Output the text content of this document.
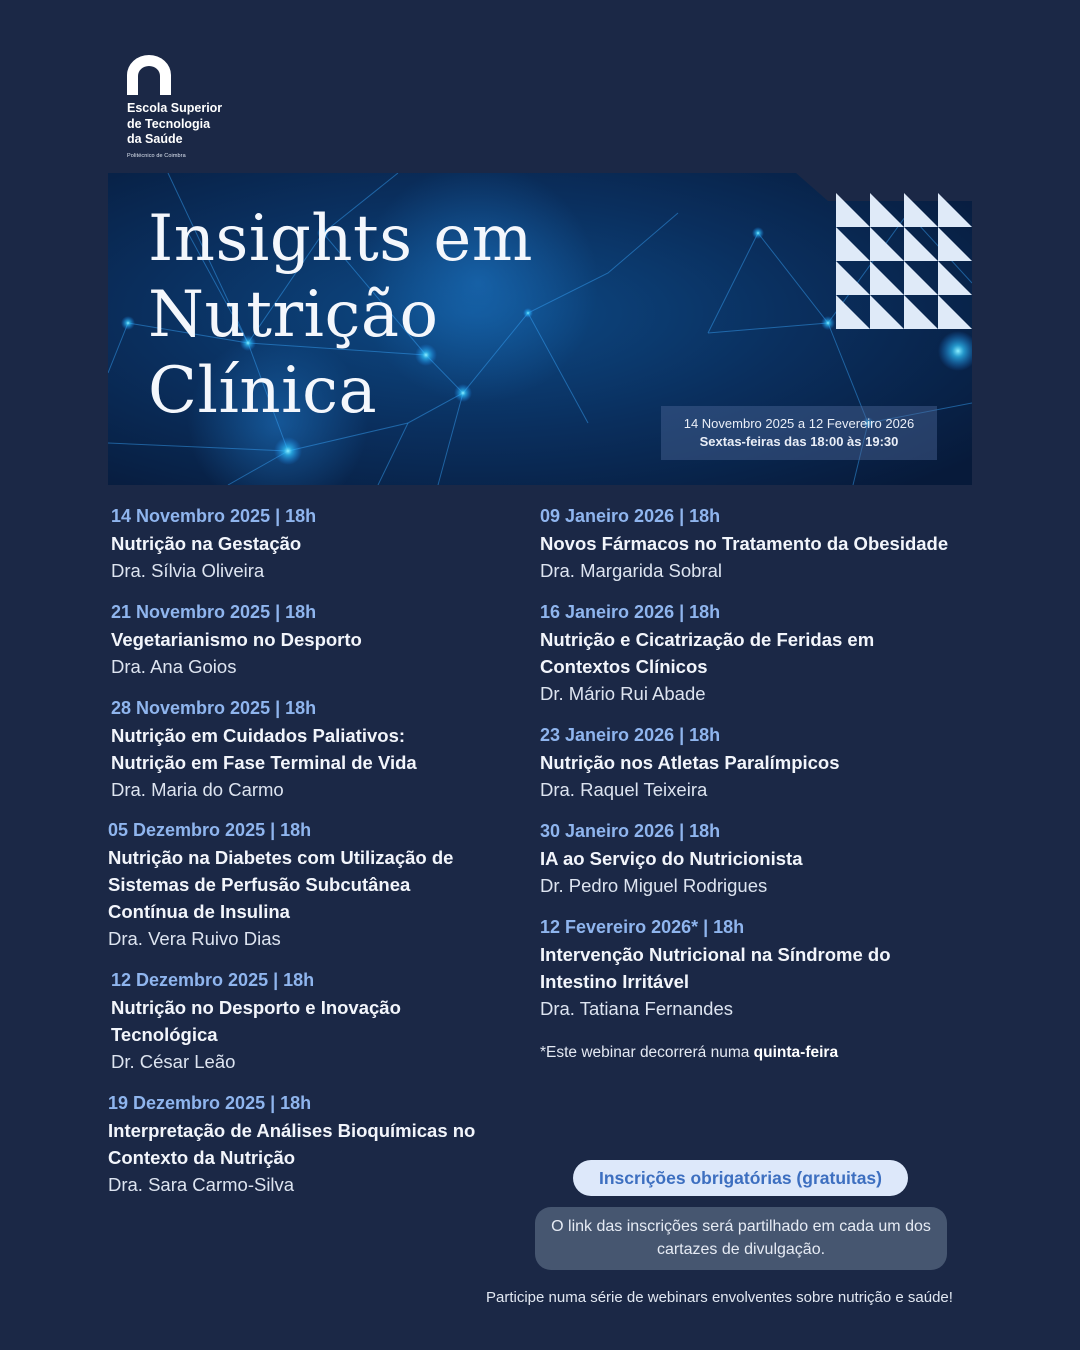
Escola Superior
de Tecnologia
da Saúde
Politécnico de Coimbra
Insights em
Nutrição
Clínica	14 Novembro 2025 a 12 Fevereiro 2026
Sextas-feiras das 18:00 às 19:30
14 Novembro 2025 | 18h
Nutrição na Gestação
Dra. Sílvia Oliveira
21 Novembro 2025 | 18h
Vegetarianismo no Desporto
Dra. Ana Goios
28 Novembro 2025 | 18h
Nutrição em Cuidados Paliativos: Nutrição em Fase Terminal de Vida
Dra. Maria do Carmo
05 Dezembro 2025 | 18h
Nutrição na Diabetes com Utilização de Sistemas de Perfusão Subcutânea Contínua de Insulina
Dra. Vera Ruivo Dias
12 Dezembro 2025 | 18h
Nutrição no Desporto e Inovação Tecnológica
Dr. César Leão
19 Dezembro 2025 | 18h
Interpretação de Análises Bioquímicas no Contexto da Nutrição
Dra. Sara Carmo-Silva
09 Janeiro 2026 | 18h
Novos Fármacos no Tratamento da Obesidade
Dra. Margarida Sobral
16 Janeiro 2026 | 18h
Nutrição e Cicatrização de Feridas em Contextos Clínicos
Dr. Mário Rui Abade
23 Janeiro 2026 | 18h
Nutrição nos Atletas Paralímpicos
Dra. Raquel Teixeira
30 Janeiro 2026 | 18h
IA ao Serviço do Nutricionista
Dr. Pedro Miguel Rodrigues
12 Fevereiro 2026* | 18h
Intervenção Nutricional na Síndrome do Intestino Irritável
Dra. Tatiana Fernandes
*Este webinar decorrerá numa quinta-feira
Inscrições obrigatórias (gratuitas)
O link das inscrições será partilhado em cada um dos cartazes de divulgação.
Participe numa série de webinars envolventes sobre nutrição e saúde!
